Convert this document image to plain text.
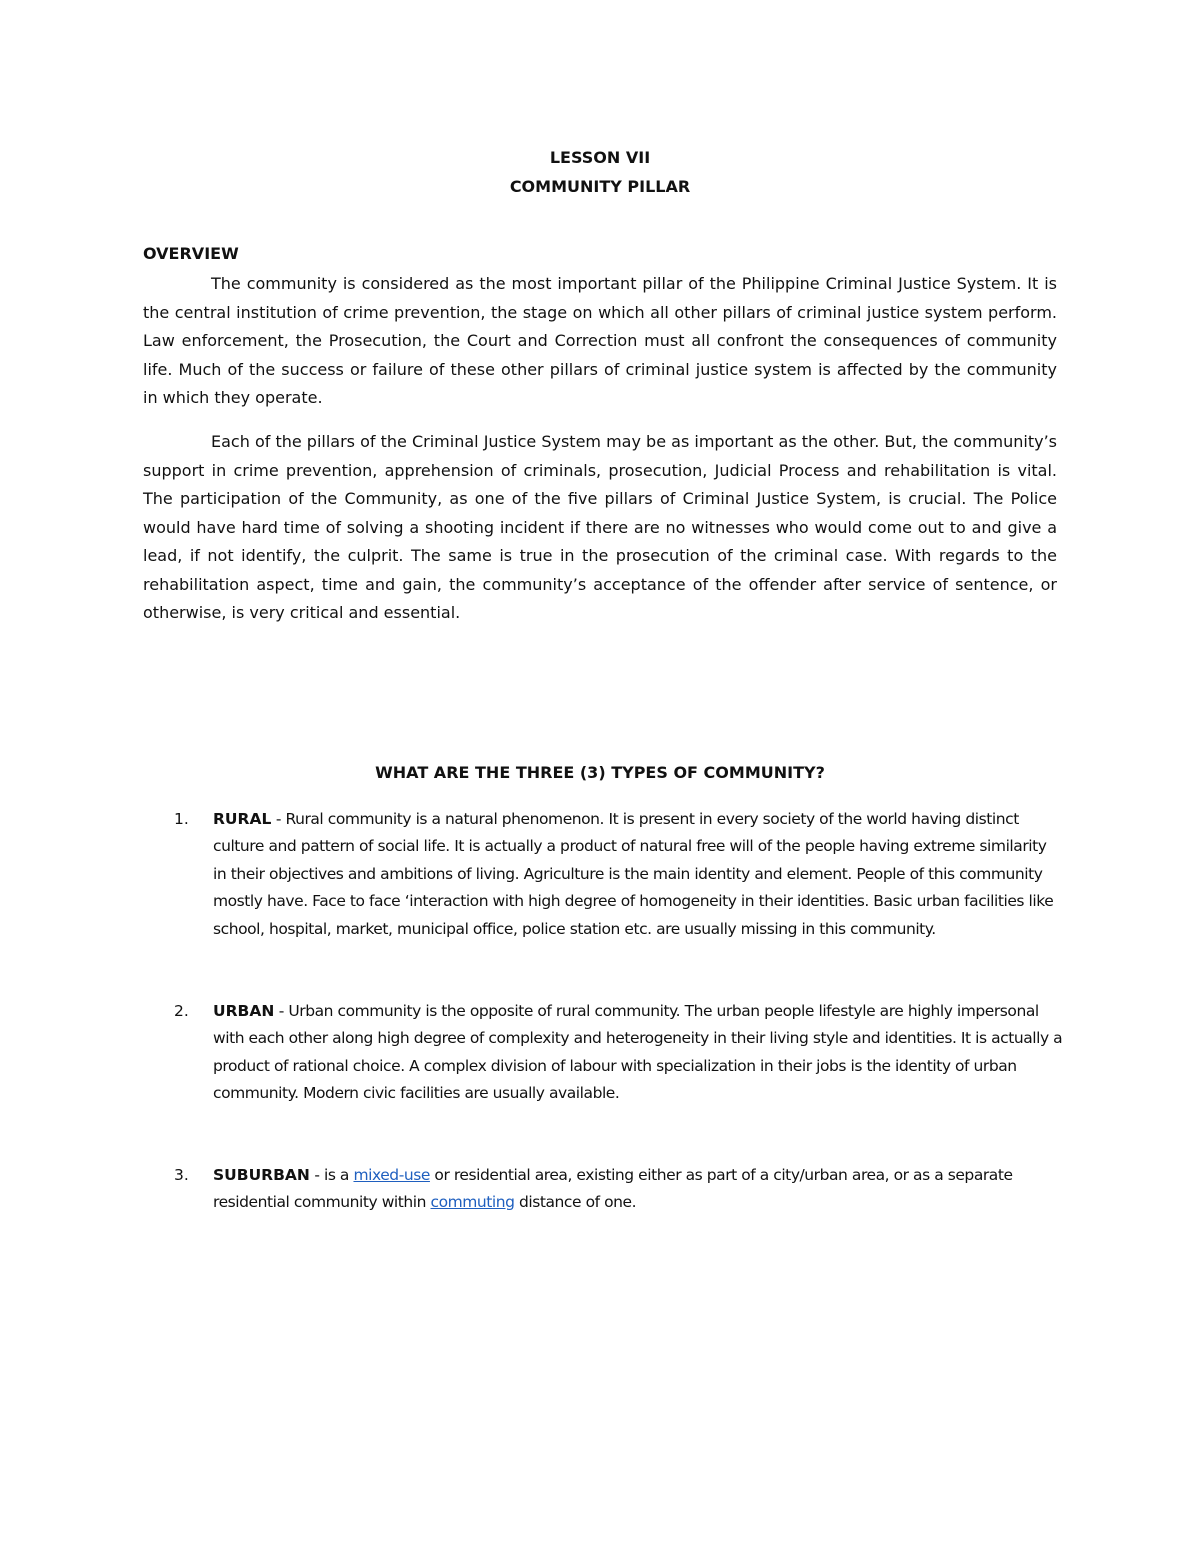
LESSON VII
COMMUNITY PILLAR
OVERVIEW

The community is considered as the most important pillar of the Philippine Criminal Justice System. It is the central institution of crime prevention, the stage on which all other pillars of criminal justice system perform. Law enforcement, the Prosecution, the Court and Correction must all confront the consequences of community life. Much of the success or failure of these other pillars of criminal justice system is affected by the community in which they operate.

Each of the pillars of the Criminal Justice System may be as important as the other. But, the community’s support in crime prevention, apprehension of criminals, prosecution, Judicial Process and rehabilitation is vital. The participation of the Community, as one of the five pillars of Criminal Justice System, is crucial. The Police would have hard time of solving a shooting incident if there are no witnesses who would come out to and give a lead, if not identify, the culprit. The same is true in the prosecution of the criminal case. With regards to the rehabilitation aspect, time and gain, the community’s acceptance of the offender after service of sentence, or otherwise, is very critical and essential.

WHAT ARE THE THREE (3) TYPES OF COMMUNITY?
1.	RURAL - Rural community is a natural phenomenon. It is present in every society of the world having distinct culture and pattern of social life. It is actually a product of natural free will of the people having extreme similarity in their objectives and ambitions of living. Agriculture is the main identity and element. People of this community mostly have. Face to face ‘interaction with high degree of homogeneity in their identities. Basic urban facilities like school, hospital, market, municipal office, police station etc. are usually missing in this community.
2.	URBAN - Urban community is the opposite of rural community. The urban people lifestyle are highly impersonal with each other along high degree of complexity and heterogeneity in their living style and identities. It is actually a product of rational choice. A complex division of labour with specialization in their jobs is the identity of urban community. Modern civic facilities are usually available.
3.	SUBURBAN - is a mixed-use or residential area, existing either as part of a city/urban area, or as a separate residential community within commuting distance of one.
